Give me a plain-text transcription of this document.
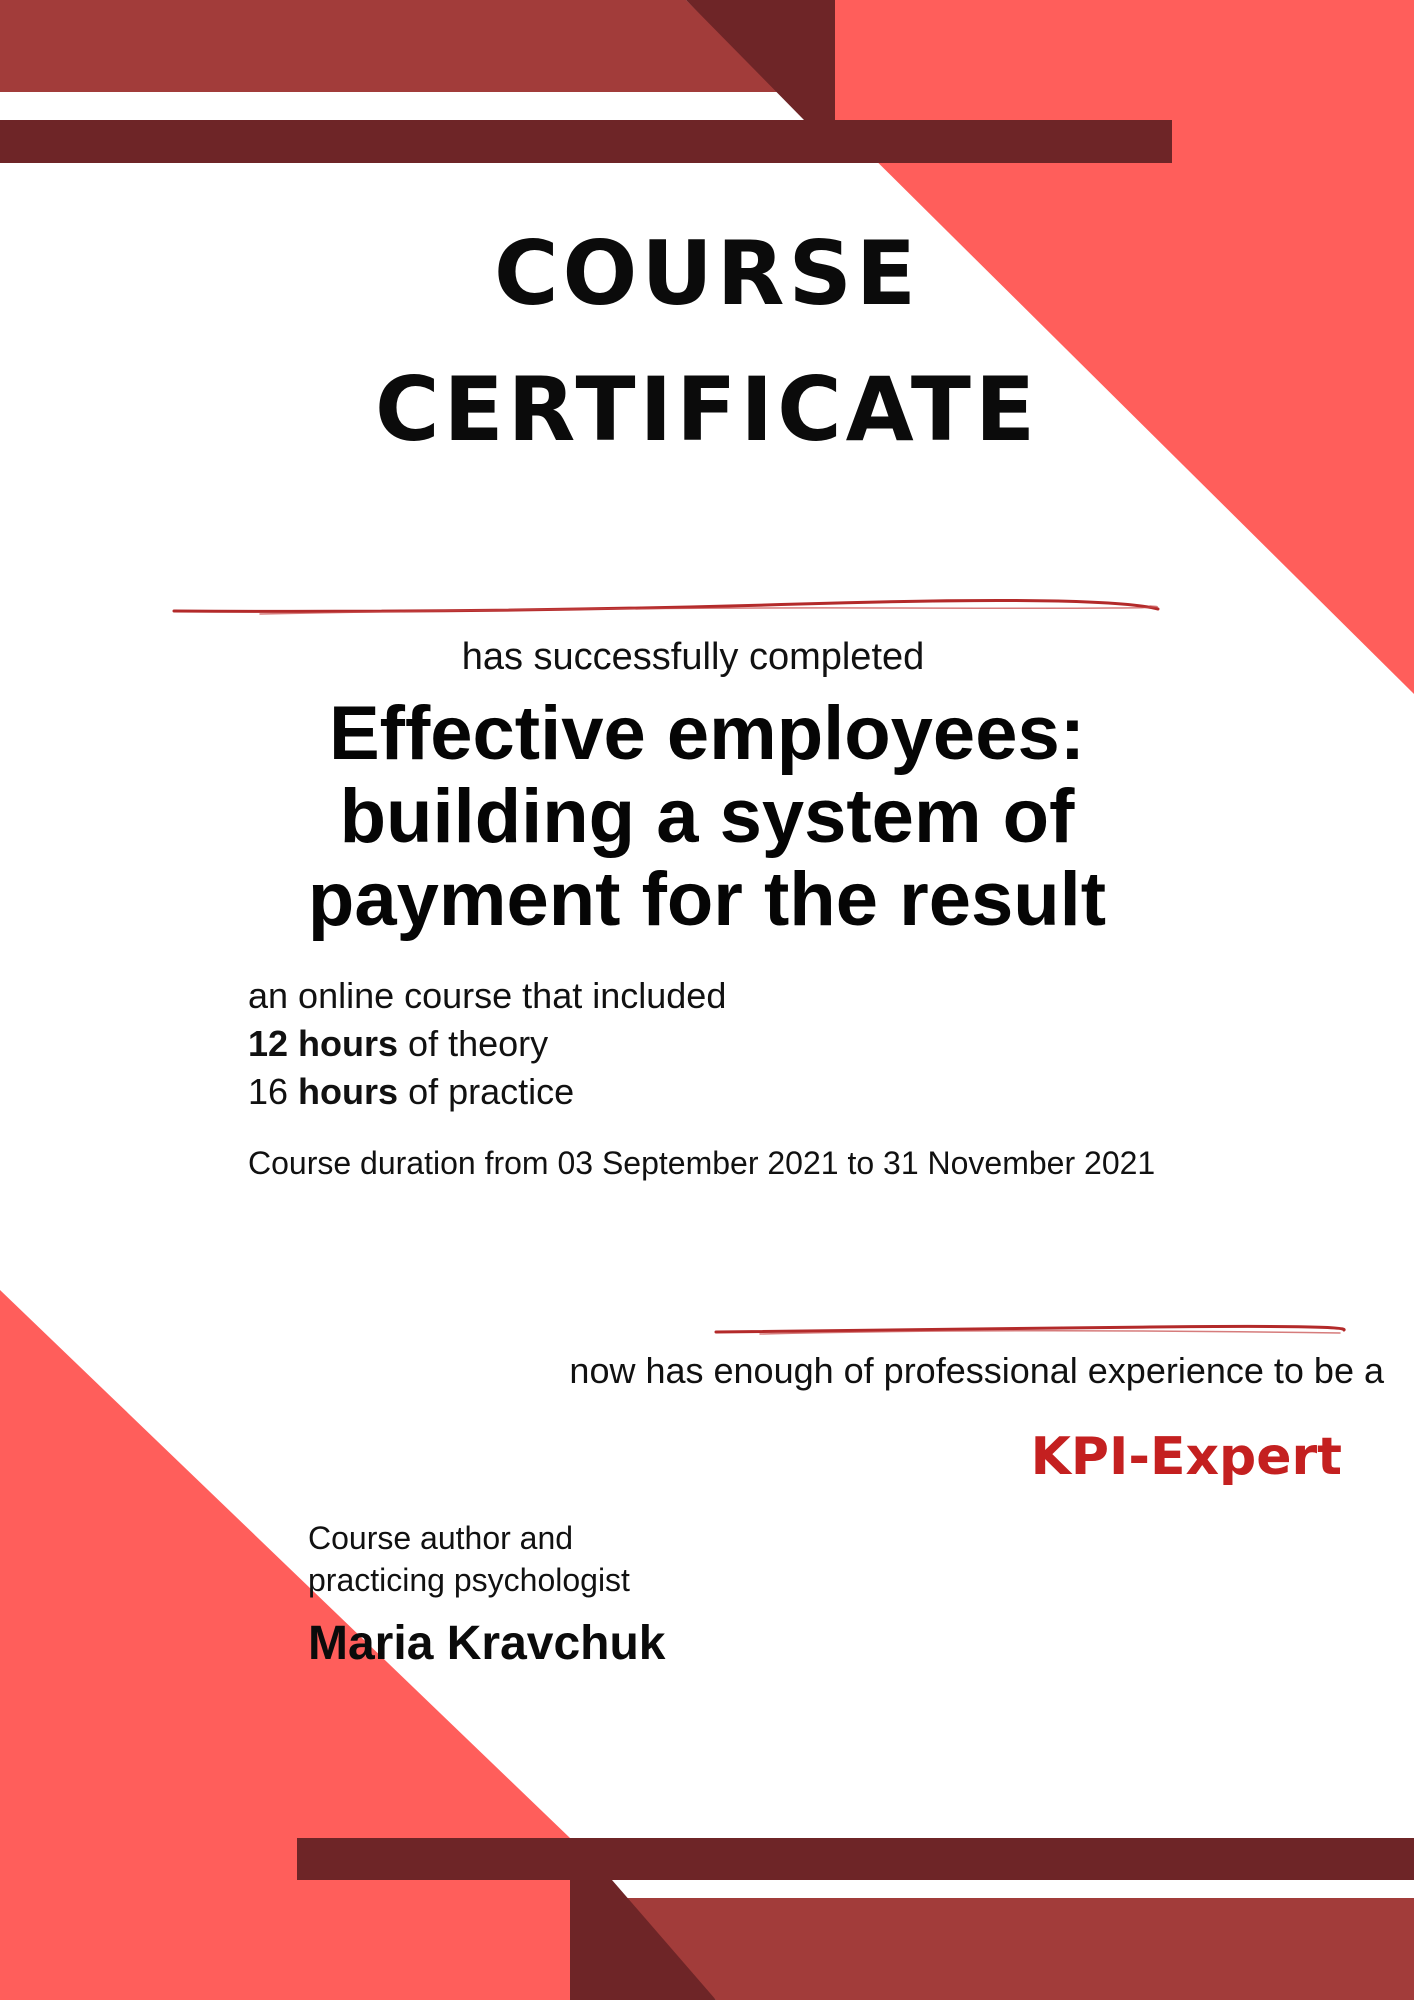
COURSE
CERTIFICATE
has successfully completed
Effective employees:
building a system of
payment for the result
an online course that included
12 hours of theory
16 hours of practice
Course duration from 03 September 2021 to 31 November 2021
now has enough of professional experience to be a
KPI-Expert
Course author and
practicing psychologist
Maria Kravchuk
